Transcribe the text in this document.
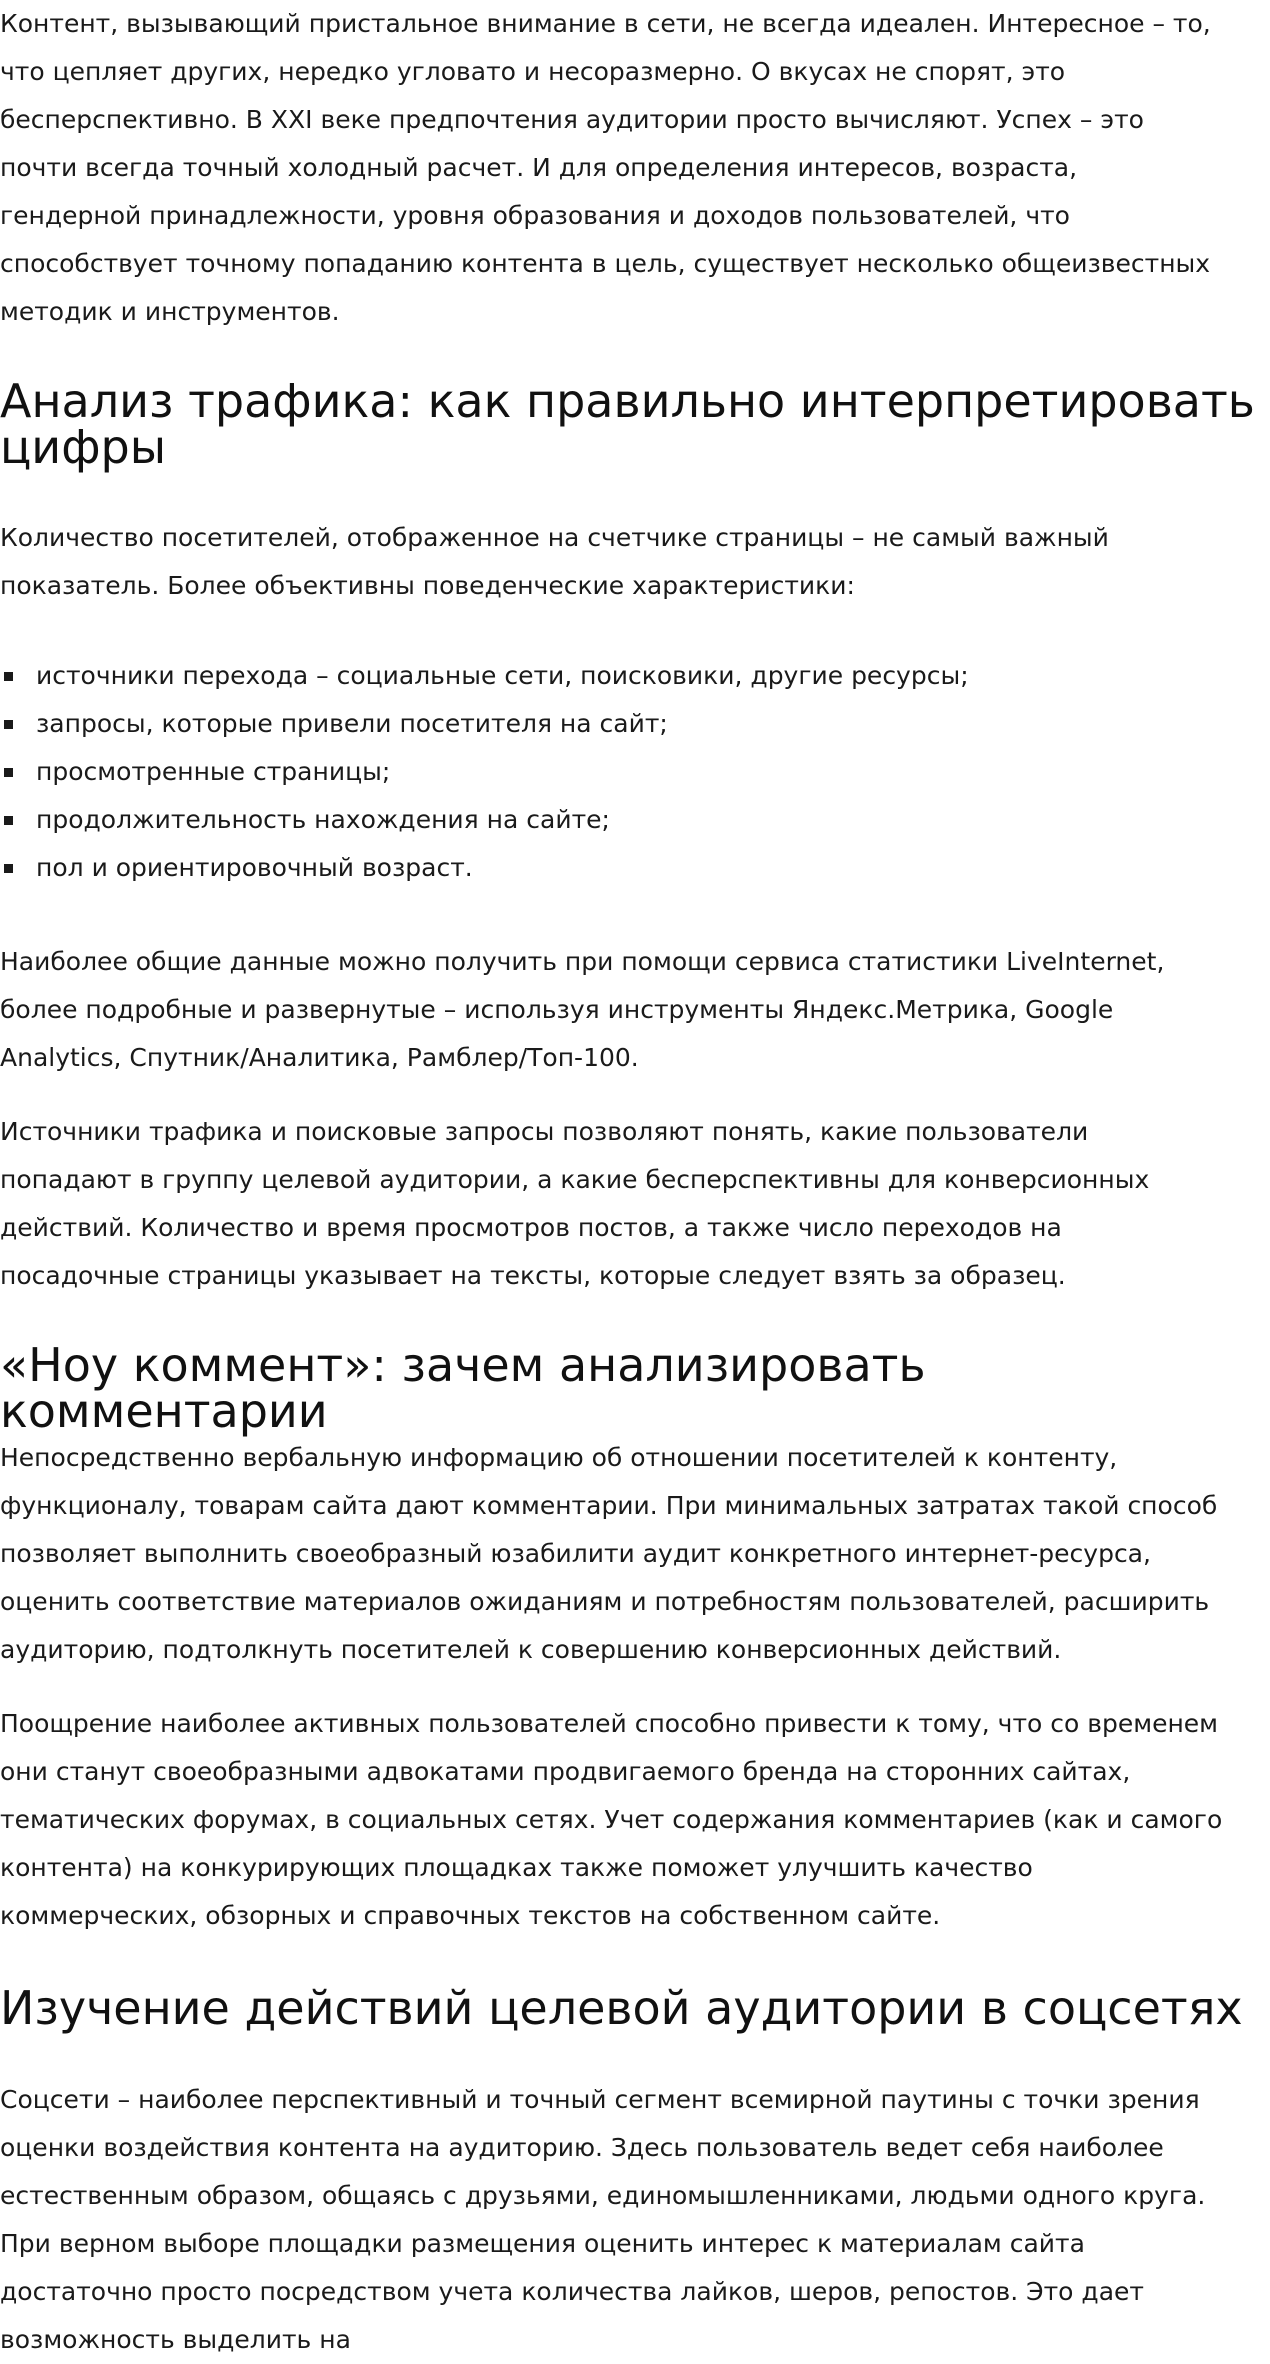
Контент, вызывающий пристальное внимание в сети, не всегда идеален. Интересное – то,
что цепляет других, нередко угловато и несоразмерно. О вкусах не спорят, это
бесперспективно. В XXI веке предпочтения аудитории просто вычисляют. Успех – это
почти всегда точный холодный расчет. И для определения интересов, возраста,
гендерной принадлежности, уровня образования и доходов пользователей, что
способствует точному попаданию контента в цель, существует несколько общеизвестных
методик и инструментов.

Анализ трафика: как правильно интерпретировать
цифры

Количество посетителей, отображенное на счетчике страницы – не самый важный
показатель. Более объективны поведенческие характеристики:

источники перехода – социальные сети, поисковики, другие ресурсы;
запросы, которые привели посетителя на сайт;
просмотренные страницы;
продолжительность нахождения на сайте;
пол и ориентировочный возраст.

Наиболее общие данные можно получить при помощи сервиса статистики LiveInternet,
более подробные и развернутые – используя инструменты Яндекс.Метрика, Google
Analytics, Спутник/Аналитика, Рамблер/Топ-100.

Источники трафика и поисковые запросы позволяют понять, какие пользователи
попадают в группу целевой аудитории, а какие бесперспективны для конверсионных
действий. Количество и время просмотров постов, а также число переходов на
посадочные страницы указывает на тексты, которые следует взять за образец.

«Ноу коммент»: зачем анализировать комментарии

Непосредственно вербальную информацию об отношении посетителей к контенту,
функционалу, товарам сайта дают комментарии. При минимальных затратах такой способ
позволяет выполнить своеобразный юзабилити аудит конкретного интернет-ресурса,
оценить соответствие материалов ожиданиям и потребностям пользователей, расширить
аудиторию, подтолкнуть посетителей к совершению конверсионных действий.

Поощрение наиболее активных пользователей способно привести к тому, что со временем
они станут своеобразными адвокатами продвигаемого бренда на сторонних сайтах,
тематических форумах, в социальных сетях. Учет содержания комментариев (как и самого
контента) на конкурирующих площадках также поможет улучшить качество
коммерческих, обзорных и справочных текстов на собственном сайте.

Изучение действий целевой аудитории в соцсетях

Соцсети – наиболее перспективный и точный сегмент всемирной паутины с точки зрения
оценки воздействия контента на аудиторию. Здесь пользователь ведет себя наиболее
естественным образом, общаясь с друзьями, единомышленниками, людьми одного круга.
При верном выборе площадки размещения оценить интерес к материалам сайта
достаточно просто посредством учета количества лайков, шеров, репостов. Это дает
возможность выделить на
